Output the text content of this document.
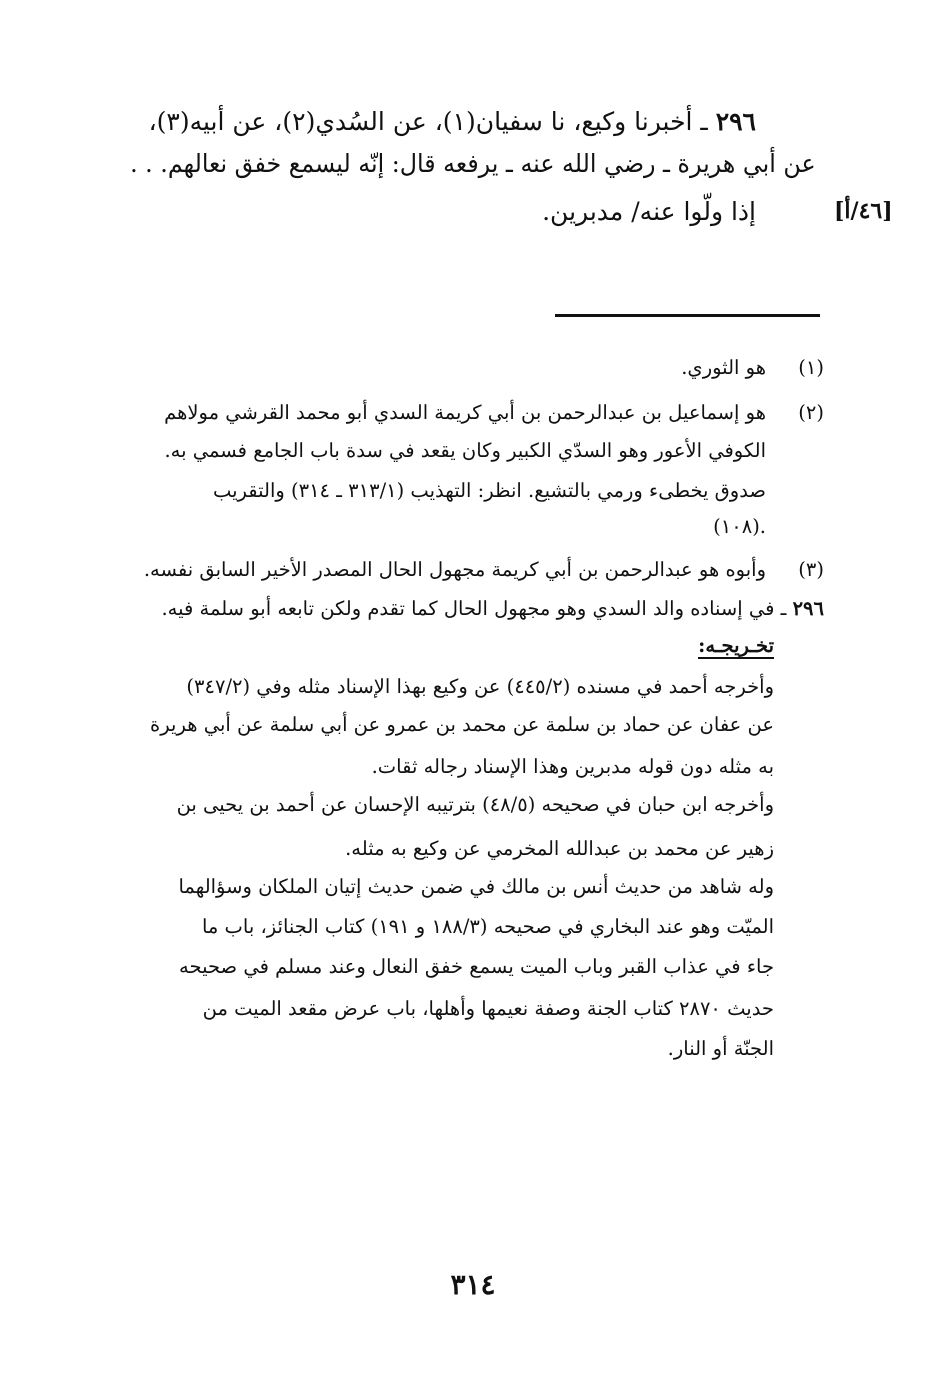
٢٩٦ ـ أخبرنا وكيع، نا سفيان(١)، عن السُدي(٢)، عن أبيه(٣)،
عن أبي هريرة ـ رضي الله عنه ـ يرفعه قال: إنّه ليسمع خفق نعالهم. . .
إذا ولّوا عنه/ مدبرين.	[٤٦/أ]
(١)
هو الثوري.
(٢)
هو إسماعيل بن عبدالرحمن بن أبي كريمة السدي أبو محمد القرشي مولاهم
الكوفي الأعور وهو السدّي الكبير وكان يقعد في سدة باب الجامع فسمي به.
صدوق يخطىء ورمي بالتشيع. انظر: التهذيب (٣١٣/١ ـ ٣١٤) والتقريب
(١٠٨).
(٣)
وأبوه هو عبدالرحمن بن أبي كريمة مجهول الحال المصدر الأخير السابق نفسه.
٢٩٦ ـ في إسناده والد السدي وهو مجهول الحال كما تقدم ولكن تابعه أبو سلمة فيه.
تخـريجـه:
وأخرجه أحمد في مسنده (٤٤٥/٢) عن وكيع بهذا الإسناد مثله وفي (٣٤٧/٢)
عن عفان عن حماد بن سلمة عن محمد بن عمرو عن أبي سلمة عن أبي هريرة
به مثله دون قوله مدبرين وهذا الإسناد رجاله ثقات.
وأخرجه ابن حبان في صحيحه (٤٨/٥) بترتيبه الإحسان عن أحمد بن يحيى بن
زهير عن محمد بن عبدالله المخرمي عن وكيع به مثله.
وله شاهد من حديث أنس بن مالك في ضمن حديث إتيان الملكان وسؤالهما
الميّت وهو عند البخاري في صحيحه (١٨٨/٣ و ١٩١) كتاب الجنائز، باب ما
جاء في عذاب القبر وباب الميت يسمع خفق النعال وعند مسلم في صحيحه
حديث ٢٨٧٠ كتاب الجنة وصفة نعيمها وأهلها، باب عرض مقعد الميت من
الجنّة أو النار.
٣١٤
